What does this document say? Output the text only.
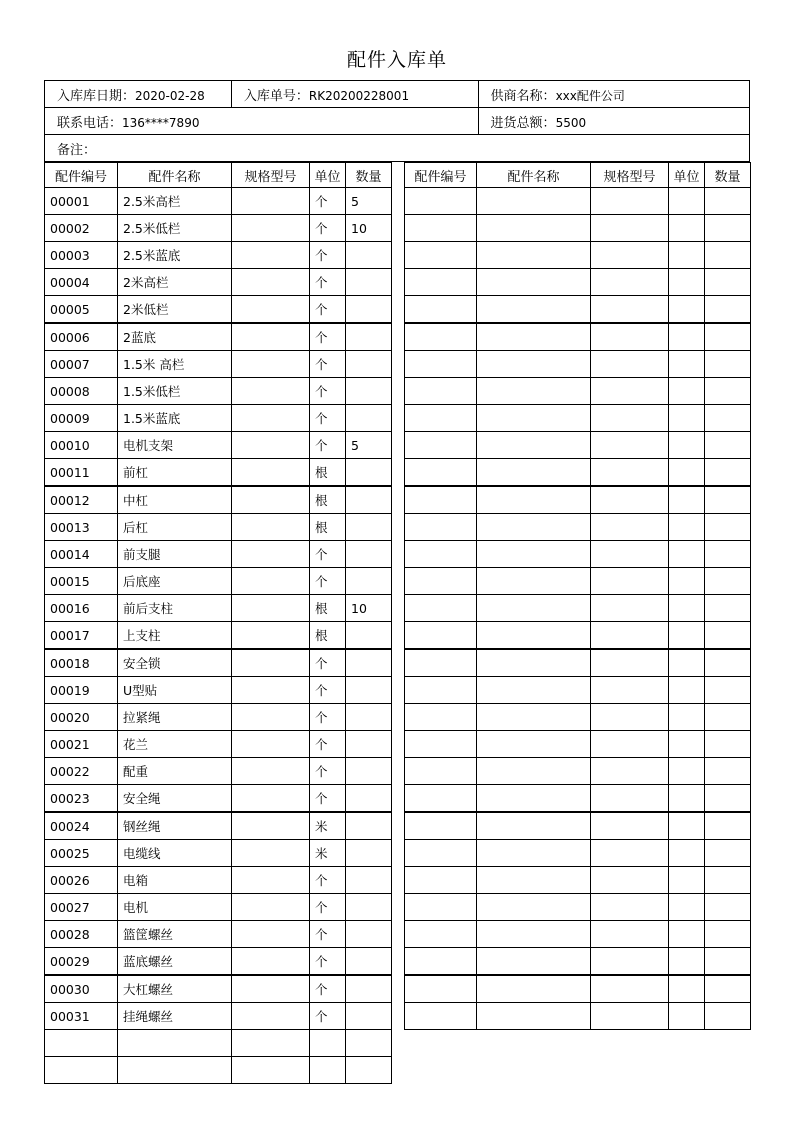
配件入库单
入库库日期：2020-02-28	入库单号：RK20200228001	供商名称：xxx配件公司
联系电话：136****7890		进货总额：5500
备注：		
配件编号	配件名称	规格型号	单位	数量
00001	2.5米高栏		个	5
00002	2.5米低栏		个	10
00003	2.5米蓝底		个	
00004	2米高栏		个	
00005	2米低栏		个	
00006	2蓝底		个	
00007	1.5米 高栏		个	
00008	1.5米低栏		个	
00009	1.5米蓝底		个	
00010	电机支架		个	5
00011	前杠		根	
00012	中杠		根	
00013	后杠		根	
00014	前支腿		个	
00015	后底座		个	
00016	前后支柱		根	10
00017	上支柱		根	
00018	安全锁		个	
00019	U型贴		个	
00020	拉紧绳		个	
00021	花兰		个	
00022	配重		个	
00023	安全绳		个	
00024	钢丝绳		米	
00025	电缆线		米	
00026	电箱		个	
00027	电机		个	
00028	篮筐螺丝		个	
00029	蓝底螺丝		个	
00030	大杠螺丝		个	
00031	挂绳螺丝		个	

配件编号	配件名称	规格型号	单位	数量
